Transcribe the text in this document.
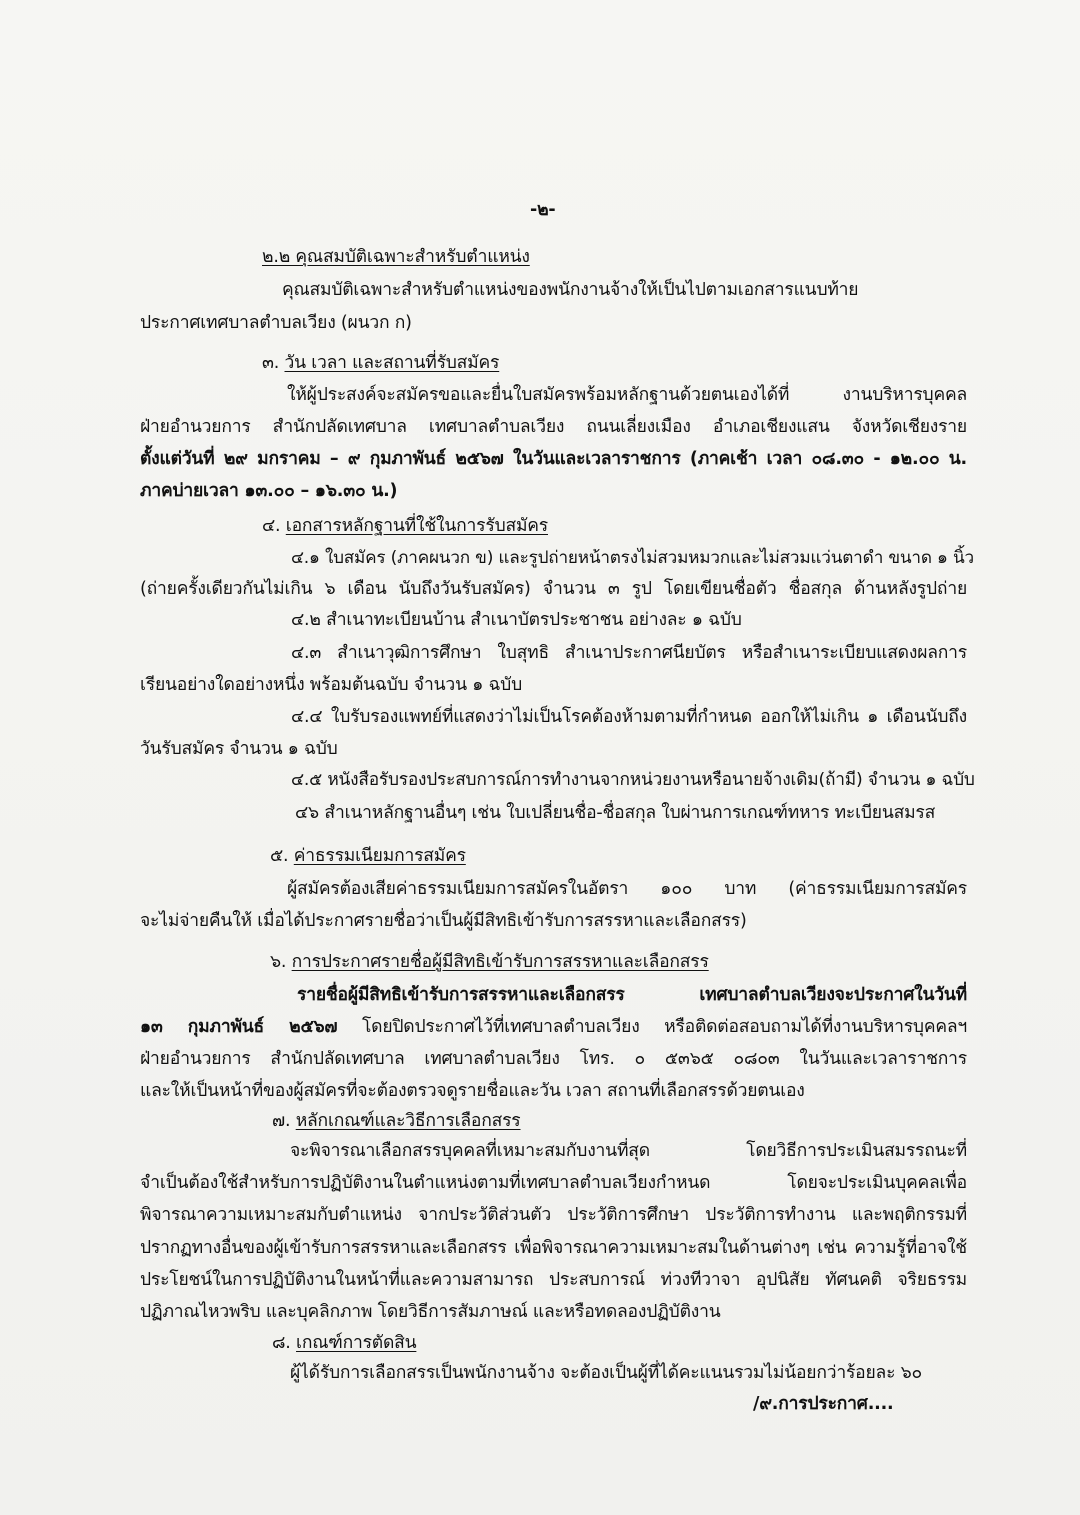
-๒-
๒.๒ คุณสมบัติเฉพาะสำหรับตำแหน่ง
คุณสมบัติเฉพาะสำหรับตำแหน่งของพนักงานจ้างให้เป็นไปตามเอกสารแนบท้าย
ประกาศเทศบาลตำบลเวียง (ผนวก ก)
๓. วัน เวลา และสถานที่รับสมัคร
ให้ผู้ประสงค์จะสมัครขอและยื่นใบสมัครพร้อมหลักฐานด้วยตนเองได้ที่ งานบริหารบุคคล
ฝ่ายอำนวยการ สำนักปลัดเทศบาล เทศบาลตำบลเวียง ถนนเลี่ยงเมือง อำเภอเชียงแสน จังหวัดเชียงราย
ตั้งแต่วันที่ ๒๙ มกราคม – ๙ กุมภาพันธ์ ๒๕๖๗ ในวันและเวลาราชการ (ภาคเช้า เวลา ๐๘.๓๐ - ๑๒.๐๐ น.
ภาคบ่ายเวลา ๑๓.๐๐ – ๑๖.๓๐ น.)
๔. เอกสารหลักฐานที่ใช้ในการรับสมัคร
๔.๑ ใบสมัคร (ภาคผนวก ข) และรูปถ่ายหน้าตรงไม่สวมหมวกและไม่สวมแว่นตาดำ ขนาด ๑ นิ้ว
(ถ่ายครั้งเดียวกันไม่เกิน ๖ เดือน นับถึงวันรับสมัคร) จำนวน ๓ รูป โดยเขียนชื่อตัว ชื่อสกุล ด้านหลังรูปถ่าย
๔.๒ สำเนาทะเบียนบ้าน สำเนาบัตรประชาชน อย่างละ ๑ ฉบับ
๔.๓ สำเนาวุฒิการศึกษา ใบสุทธิ สำเนาประกาศนียบัตร หรือสำเนาระเบียบแสดงผลการ
เรียนอย่างใดอย่างหนึ่ง พร้อมต้นฉบับ จำนวน ๑ ฉบับ
๔.๔ ใบรับรองแพทย์ที่แสดงว่าไม่เป็นโรคต้องห้ามตามที่กำหนด ออกให้ไม่เกิน ๑ เดือนนับถึง
วันรับสมัคร จำนวน ๑ ฉบับ
๔.๕ หนังสือรับรองประสบการณ์การทำงานจากหน่วยงานหรือนายจ้างเดิม(ถ้ามี) จำนวน ๑ ฉบับ
๔๖ สำเนาหลักฐานอื่นๆ เช่น ใบเปลี่ยนชื่อ-ชื่อสกุล ใบผ่านการเกณฑ์ทหาร ทะเบียนสมรส
๕. ค่าธรรมเนียมการสมัคร
ผู้สมัครต้องเสียค่าธรรมเนียมการสมัครในอัตรา ๑๐๐ บาท (ค่าธรรมเนียมการสมัคร
จะไม่จ่ายคืนให้ เมื่อได้ประกาศรายชื่อว่าเป็นผู้มีสิทธิเข้ารับการสรรหาและเลือกสรร)
๖. การประกาศรายชื่อผู้มีสิทธิเข้ารับการสรรหาและเลือกสรร
รายชื่อผู้มีสิทธิเข้ารับการสรรหาและเลือกสรร เทศบาลตำบลเวียงจะประกาศในวันที่
๑๓ กุมภาพันธ์ ๒๕๖๗ โดยปิดประกาศไว้ที่เทศบาลตำบลเวียง หรือติดต่อสอบถามได้ที่งานบริหารบุคคลฯ
ฝ่ายอำนวยการ สำนักปลัดเทศบาล เทศบาลตำบลเวียง โทร. ๐ ๕๓๖๕ ๐๘๐๓ ในวันและเวลาราชการ
และให้เป็นหน้าที่ของผู้สมัครที่จะต้องตรวจดูรายชื่อและวัน เวลา สถานที่เลือกสรรด้วยตนเอง
๗. หลักเกณฑ์และวิธีการเลือกสรร
จะพิจารณาเลือกสรรบุคคลที่เหมาะสมกับงานที่สุด โดยวิธีการประเมินสมรรถนะที่
จำเป็นต้องใช้สำหรับการปฏิบัติงานในตำแหน่งตามที่เทศบาลตำบลเวียงกำหนด โดยจะประเมินบุคคลเพื่อ
พิจารณาความเหมาะสมกับตำแหน่ง จากประวัติส่วนตัว ประวัติการศึกษา ประวัติการทำงาน และพฤติกรรมที่
ปรากฏทางอื่นของผู้เข้ารับการสรรหาและเลือกสรร เพื่อพิจารณาความเหมาะสมในด้านต่างๆ เช่น ความรู้ที่อาจใช้
ประโยชน์ในการปฏิบัติงานในหน้าที่และความสามารถ ประสบการณ์ ท่วงทีวาจา อุปนิสัย ทัศนคติ จริยธรรม
ปฏิภาณไหวพริบ และบุคลิกภาพ โดยวิธีการสัมภาษณ์ และหรือทดลองปฏิบัติงาน
๘. เกณฑ์การตัดสิน
ผู้ได้รับการเลือกสรรเป็นพนักงานจ้าง จะต้องเป็นผู้ที่ได้คะแนนรวมไม่น้อยกว่าร้อยละ ๖๐
/๙.การประกาศ....
